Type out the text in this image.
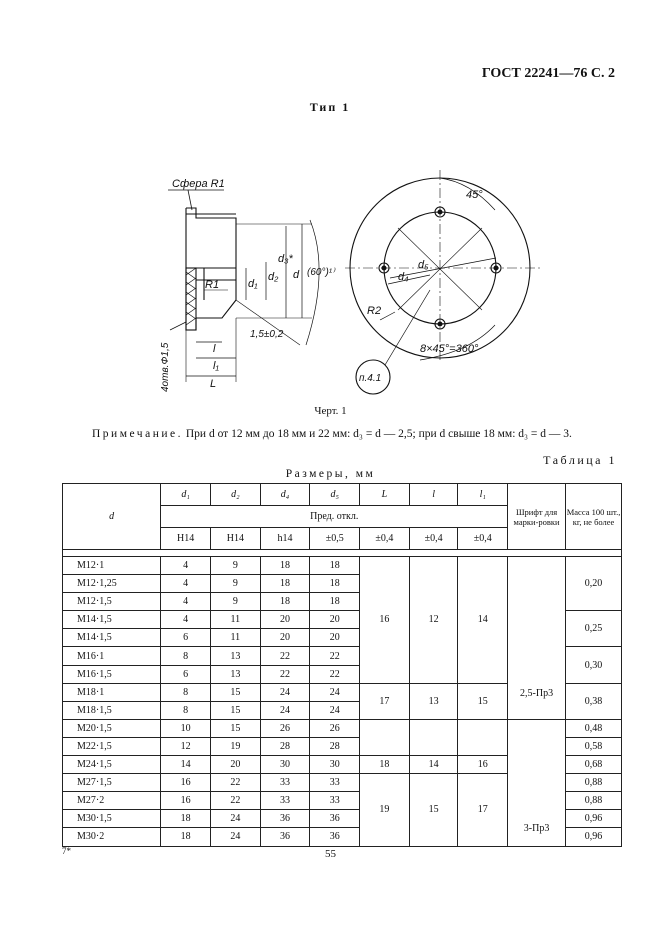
ГОСТ 22241—76 С. 2
Тип 1
Сфера R1
R1	d₁
d₂
d₃*
d (60°)¹⁾
1,5±0,2
l
l₁
L
4отв.Ф1,5
45°
d₅
d₄
R2
8×45°=360°
п.4.1
Черт. 1
Примечание. При d от 12 мм до 18 мм и 22 мм: d₃ = d — 2,5; при d свыше 18 мм: d₃ = d — 3.
Таблица 1
Размеры, мм
d	d₁	d₂	d₄	d₅	L	l	l₁	Шрифт для марки-ровки	Масса 100 шт., кг, не более
	Пред. откл.								
	H14	H14	h14	±0,5	±0,4	±0,4	±0,4		

M12·1	4	9	18	18	16	12	14	2,5-Пр3	0,20
M12·1,25	4	9	18	18					
M12·1,5	4	9	18	18					
M14·1,5	4	11	20	20					0,25
M14·1,5	6	11	20	20					
M16·1	8	13	22	22					0,30
M16·1,5	6	13	22	22					
M18·1	8	15	24	24	17	13	15		0,38
M18·1,5	8	15	24	24					
M20·1,5	10	15	26	26				3-Пр3	0,48
M22·1,5	12	19	28	28					0,58
M24·1,5	14	20	30	30	18	14	16		0,68
M27·1,5	16	22	33	33	19	15	17		0,88
M27·2	16	22	33	33					0,88
M30·1,5	18	24	36	36					0,96
M30·2	18	24	36	36					0,96
7*	55
